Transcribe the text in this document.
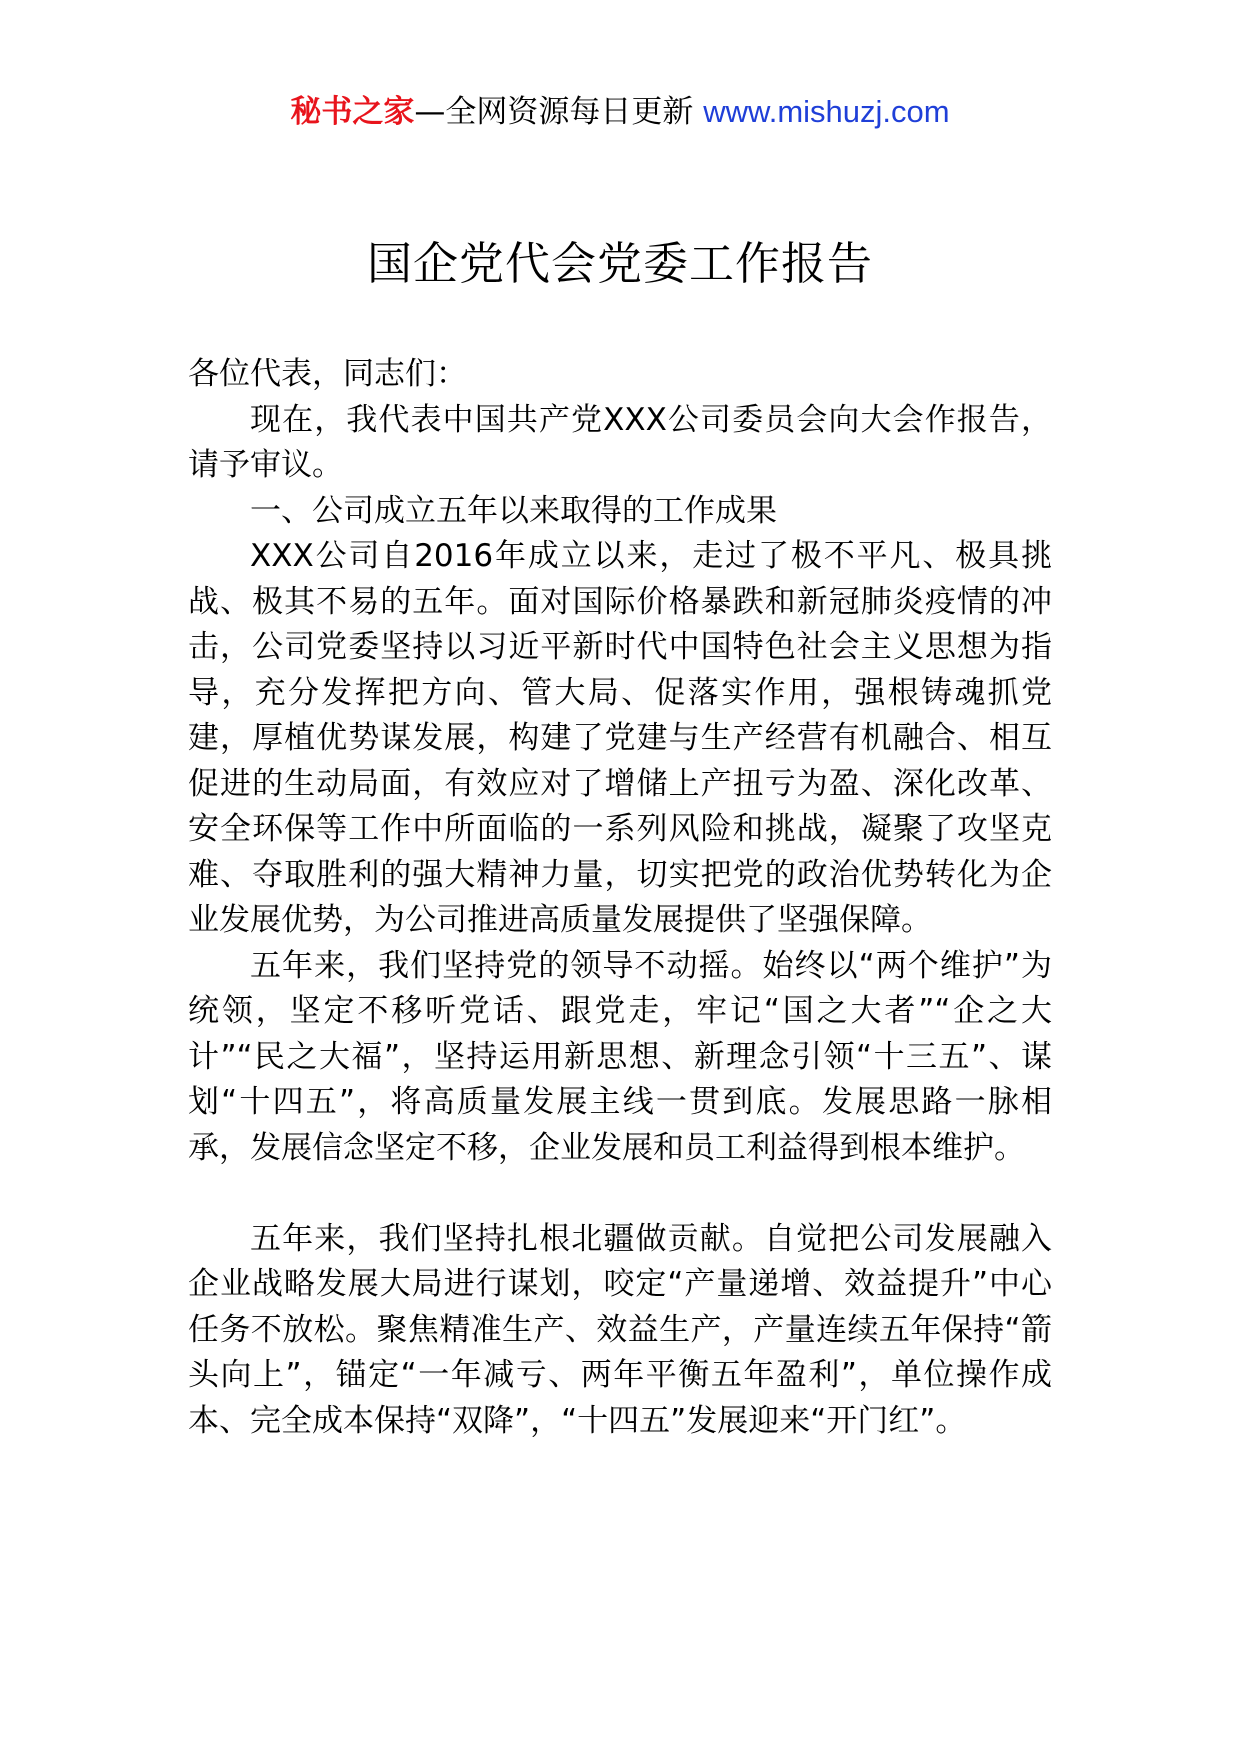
秘书之家—全网资源每日更新 www.mishuzj.com
国企党代会党委工作报告

各位代表，同志们：

现在，我代表中国共产党XXX公司委员会向大会作报告，请予审议。

一、公司成立五年以来取得的工作成果

XXX公司自2016年成立以来，走过了极不平凡、极具挑战、极其不易的五年。面对国际价格暴跌和新冠肺炎疫情的冲击，公司党委坚持以习近平新时代中国特色社会主义思想为指导，充分发挥把方向、管大局、促落实作用，强根铸魂抓党建，厚植优势谋发展，构建了党建与生产经营有机融合、相互促进的生动局面，有效应对了增储上产扭亏为盈、深化改革、安全环保等工作中所面临的一系列风险和挑战，凝聚了攻坚克难、夺取胜利的强大精神力量，切实把党的政治优势转化为企业发展优势，为公司推进高质量发展提供了坚强保障。

五年来，我们坚持党的领导不动摇。始终以“两个维护”为统领，坚定不移听党话、跟党走，牢记“国之大者”“企之大计”“民之大福”，坚持运用新思想、新理念引领“十三五”、谋划“十四五”，将高质量发展主线一贯到底。发展思路一脉相承，发展信念坚定不移，企业发展和员工利益得到根本维护。

五年来，我们坚持扎根北疆做贡献。自觉把公司发展融入企业战略发展大局进行谋划，咬定“产量递增、效益提升”中心任务不放松。聚焦精准生产、效益生产，产量连续五年保持“箭头向上”，锚定“一年减亏、两年平衡五年盈利”，单位操作成本、完全成本保持“双降”，“十四五”发展迎来“开门红”。
